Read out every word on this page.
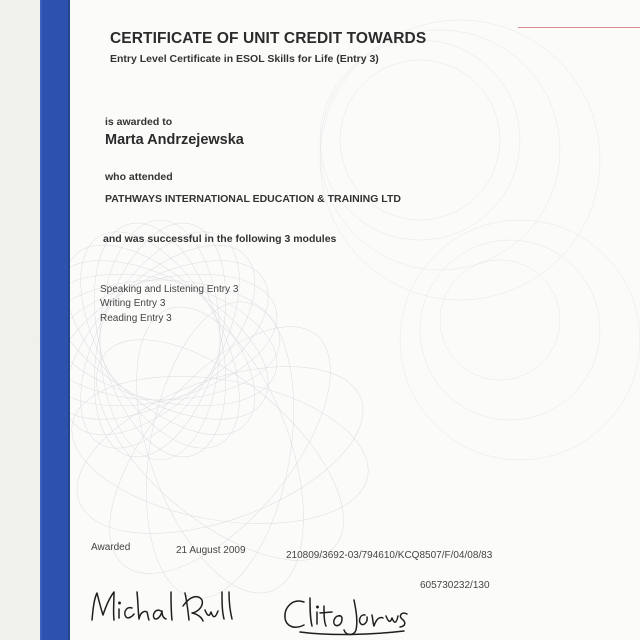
CERTIFICATE OF UNIT CREDIT TOWARDS
Entry Level Certificate in ESOL Skills for Life (Entry 3)
is awarded to
Marta Andrzejewska
who attended
PATHWAYS INTERNATIONAL EDUCATION & TRAINING LTD
and was successful in the following 3 modules
Speaking and Listening Entry 3
Writing Entry 3
Reading Entry 3
Awarded	21 August 2009	210809/3692-03/794610/KCQ8507/F/04/08/83
605730232/130
